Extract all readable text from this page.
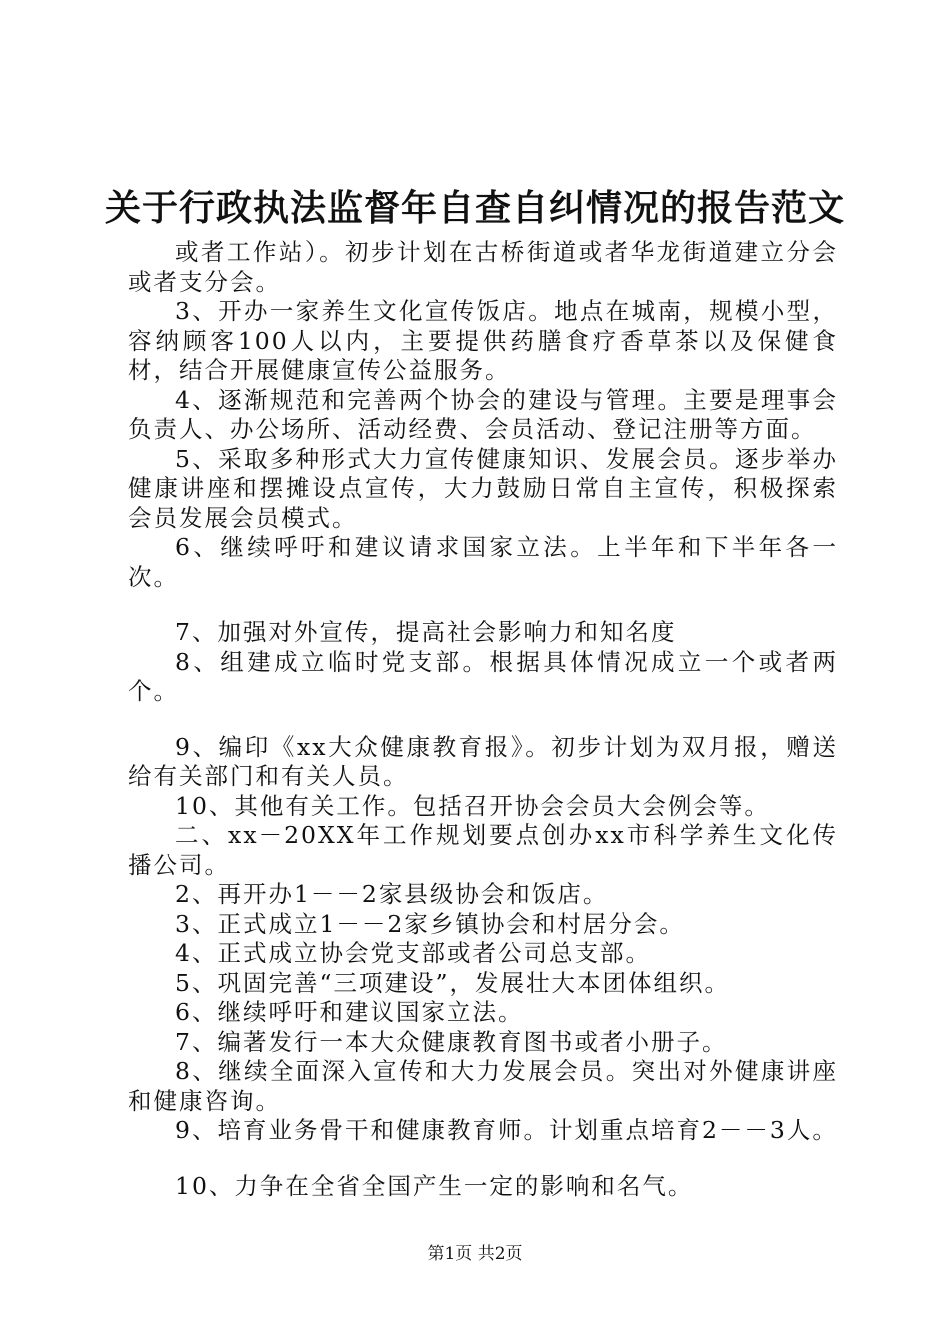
关于行政执法监督年自查自纠情况的报告范文

或者工作站）。初步计划在古桥街道或者华龙街道建立分会或者支分会。

3、开办一家养生文化宣传饭店。地点在城南，规模小型，容纳顾客100人以内，主要提供药膳食疗香草茶以及保健食材，结合开展健康宣传公益服务。

4、逐渐规范和完善两个协会的建设与管理。主要是理事会负责人、办公场所、活动经费、会员活动、登记注册等方面。

5、采取多种形式大力宣传健康知识、发展会员。逐步举办健康讲座和摆摊设点宣传，大力鼓励日常自主宣传，积极探索会员发展会员模式。

6、继续呼吁和建议请求国家立法。上半年和下半年各一次。

7、加强对外宣传，提高社会影响力和知名度

8、组建成立临时党支部。根据具体情况成立一个或者两个。

9、编印《xx大众健康教育报》。初步计划为双月报，赠送给有关部门和有关人员。

10、其他有关工作。包括召开协会会员大会例会等。

二、xx－20XX年工作规划要点创办xx市科学养生文化传播公司。

2、再开办1－－2家县级协会和饭店。

3、正式成立1－－2家乡镇协会和村居分会。

4、正式成立协会党支部或者公司总支部。

5、巩固完善“三项建设”，发展壮大本团体组织。

6、继续呼吁和建议国家立法。

7、编著发行一本大众健康教育图书或者小册子。

8、继续全面深入宣传和大力发展会员。突出对外健康讲座和健康咨询。

9、培育业务骨干和健康教育师。计划重点培育2－－3人。

10、力争在全省全国产生一定的影响和名气。

第1页 共2页
